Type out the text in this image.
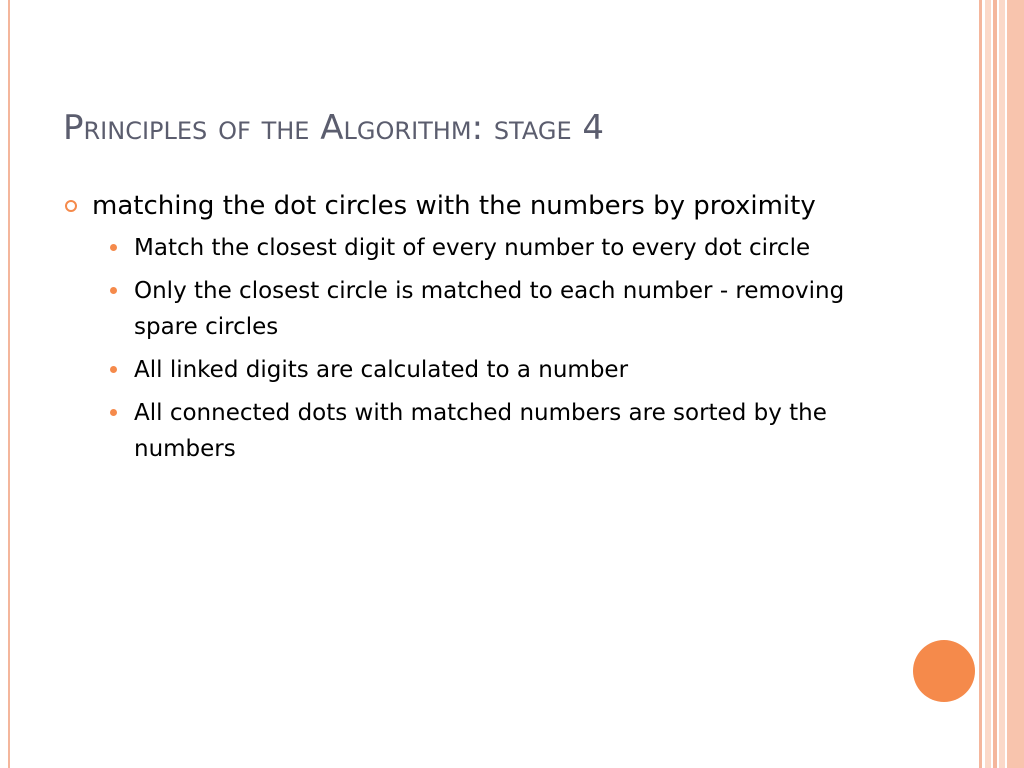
Principles of the Algorithm: stage 4
matching the dot circles with the numbers by proximity
Match the closest digit of every number to every dot circle
Only the closest circle is matched to each number - removing spare circles
All linked digits are calculated to a number
All connected dots with matched numbers are sorted by the numbers
